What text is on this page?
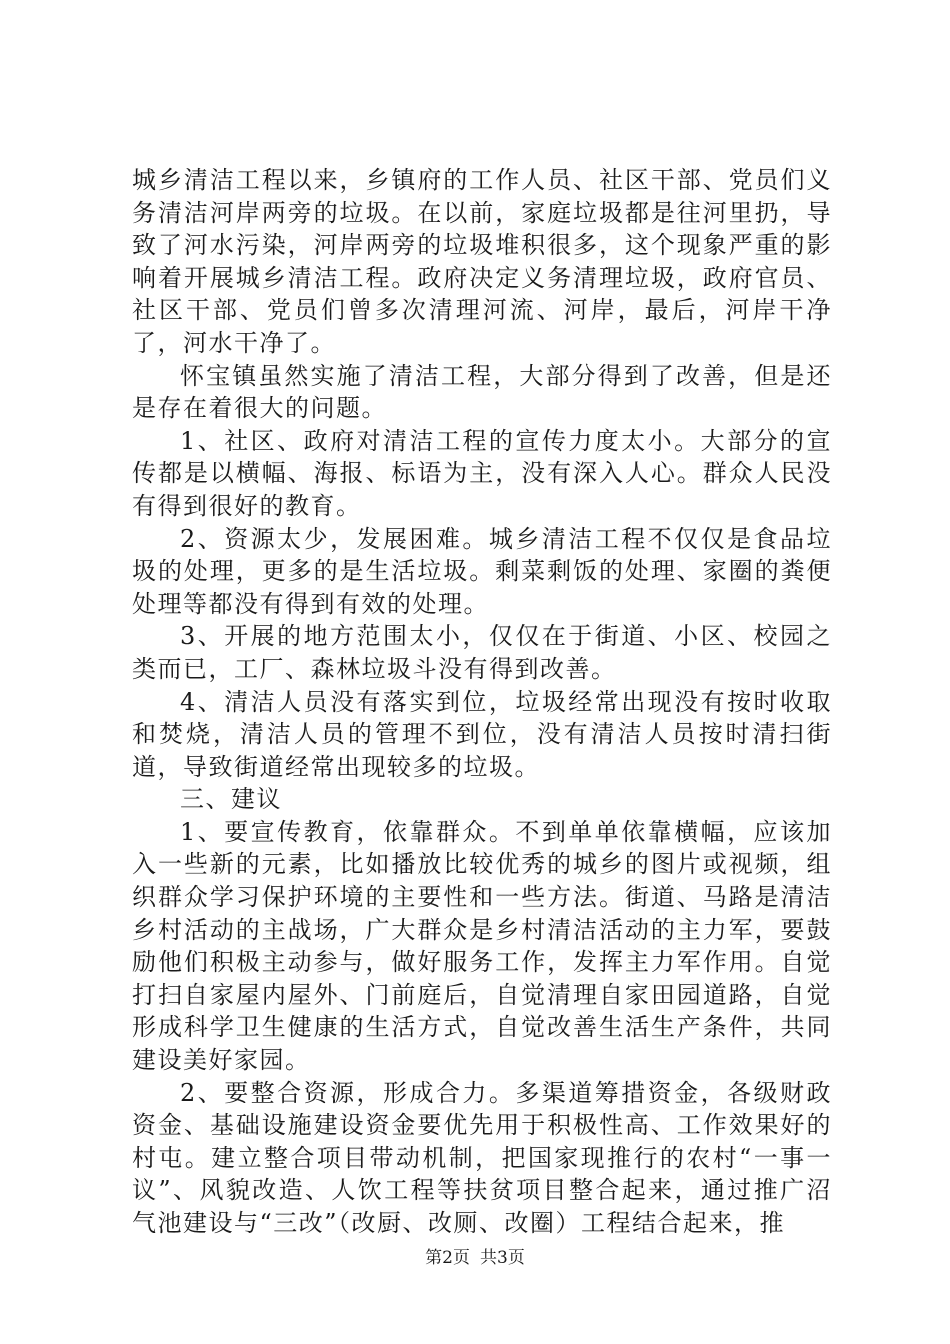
城乡清洁工程以来，乡镇府的工作人员、社区干部、党员们义务清洁河岸两旁的垃圾。在以前，家庭垃圾都是往河里扔，导致了河水污染，河岸两旁的垃圾堆积很多，这个现象严重的影响着开展城乡清洁工程。政府决定义务清理垃圾，政府官员、社区干部、党员们曾多次清理河流、河岸，最后，河岸干净了，河水干净了。

怀宝镇虽然实施了清洁工程，大部分得到了改善，但是还是存在着很大的问题。

1、社区、政府对清洁工程的宣传力度太小。大部分的宣传都是以横幅、海报、标语为主，没有深入人心。群众人民没有得到很好的教育。

2、资源太少，发展困难。城乡清洁工程不仅仅是食品垃圾的处理，更多的是生活垃圾。剩菜剩饭的处理、家圈的粪便处理等都没有得到有效的处理。

3、开展的地方范围太小，仅仅在于街道、小区、校园之类而已，工厂、森林垃圾斗没有得到改善。

4、清洁人员没有落实到位，垃圾经常出现没有按时收取和焚烧，清洁人员的管理不到位，没有清洁人员按时清扫街道，导致街道经常出现较多的垃圾。

三、建议

1、要宣传教育，依靠群众。不到单单依靠横幅，应该加入一些新的元素，比如播放比较优秀的城乡的图片或视频，组织群众学习保护环境的主要性和一些方法。街道、马路是清洁乡村活动的主战场，广大群众是乡村清洁活动的主力军，要鼓励他们积极主动参与，做好服务工作，发挥主力军作用。自觉打扫自家屋内屋外、门前庭后，自觉清理自家田园道路，自觉形成科学卫生健康的生活方式，自觉改善生活生产条件，共同建设美好家园。

2、要整合资源，形成合力。多渠道筹措资金，各级财政资金、基础设施建设资金要优先用于积极性高、工作效果好的村屯。建立整合项目带动机制，把国家现推行的农村“一事一议”、风貌改造、人饮工程等扶贫项目整合起来，通过推广沼气池建设与“三改”（改厨、改厕、改圈）工程结合起来，推

第2页 共3页
